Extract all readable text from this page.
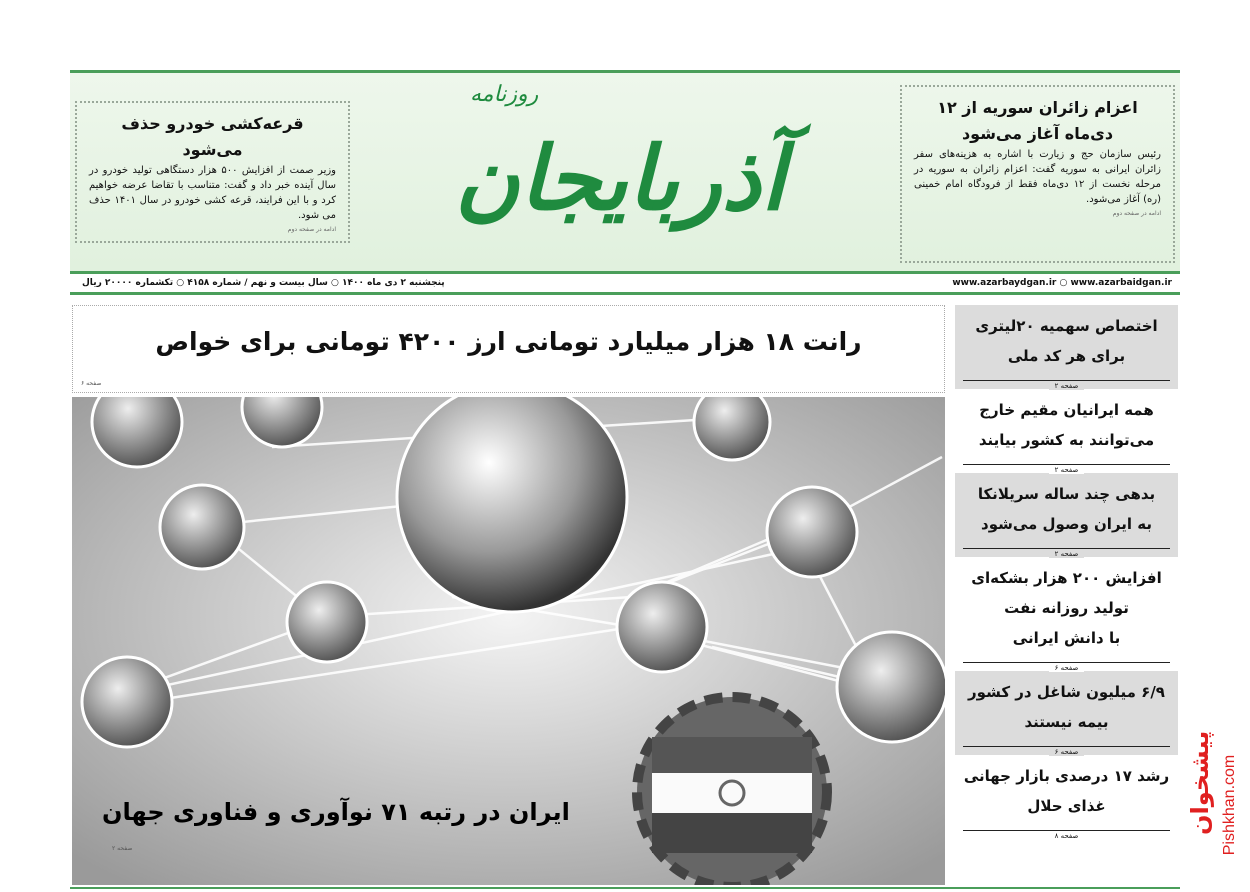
قرعه‌کشی خودرو حذف می‌شود

وزیر صمت از افزایش ۵۰۰ هزار دستگاهی تولید خودرو در سال آینده خبر داد و گفت: متناسب با تقاضا عرضه خواهیم کرد و با این فرایند، قرعه کشی خودرو در سال ۱۴۰۱ حذف می شود.

ادامه در صفحه دوم	آذربایجان
روزنامه
اعزام زائران سوریه از ۱۲ دی‌ماه آغاز می‌شود

رئیس سازمان حج و زیارت با اشاره به هزینه‌های سفر زائران ایرانی به سوریه گفت: اعزام زائران به سوریه در مرحله نخست از ۱۲ دی‌ماه فقط از فرودگاه امام خمینی (ره) آغاز می‌شود.

ادامه در صفحه دوم
پنجشنبه ۲ دی ماه ۱۴۰۰ ○ سال بیست و نهم / شماره ۴۱۵۸ ○ تکشماره ۲۰۰۰۰ ریال	www.azarbaydgan.ir ○ www.azarbaidgan.ir
رانت ۱۸ هزار میلیارد تومانی ارز ۴۲۰۰ تومانی برای خواص
صفحه ۶
ایران در رتبه ۷۱ نوآوری و فناوری جهان
صفحه ۲
اختصاص سهمیه ۲۰لیتری
برای هر کد ملی
صفحه ۲
همه ایرانیان مقیم خارج
می‌توانند به کشور بیایند
صفحه ۲
بدهی چند ساله سریلانکا
به ایران وصول می‌شود
صفحه ۲
افزایش ۲۰۰ هزار بشکه‌ای
تولید روزانه نفت
با دانش ایرانی
صفحه ۶
۶/۹ میلیون شاغل در کشور
بیمه نیستند
صفحه ۶
رشد ۱۷ درصدی بازار جهانی
غذای حلال
صفحه ۸
پیشخوان Pishkhan.com
